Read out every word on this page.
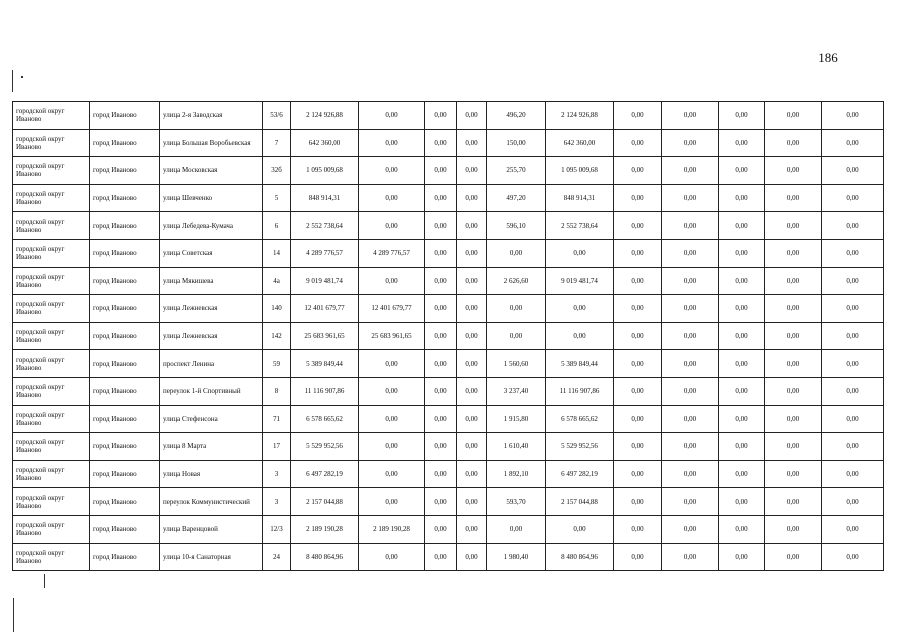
186
городской округ Иваново	город Иваново	улица 2-я Заводская	53/6	2 124 926,88	0,00	0,00	0,00	496,20	2 124 926,88	0,00	0,00	0,00	0,00	0,00
городской округ Иваново	город Иваново	улица Большая Воробьевская	7	642 360,00	0,00	0,00	0,00	150,00	642 360,00	0,00	0,00	0,00	0,00	0,00
городской округ Иваново	город Иваново	улица Московская	32б	1 095 009,68	0,00	0,00	0,00	255,70	1 095 009,68	0,00	0,00	0,00	0,00	0,00
городской округ Иваново	город Иваново	улица Шевченко	5	848 914,31	0,00	0,00	0,00	497,20	848 914,31	0,00	0,00	0,00	0,00	0,00
городской округ Иваново	город Иваново	улица Лебедева-Кумача	6	2 552 738,64	0,00	0,00	0,00	596,10	2 552 738,64	0,00	0,00	0,00	0,00	0,00
городской округ Иваново	город Иваново	улица Советская	14	4 289 776,57	4 289 776,57	0,00	0,00	0,00	0,00	0,00	0,00	0,00	0,00	0,00
городской округ Иваново	город Иваново	улица Мякишева	4а	9 019 481,74	0,00	0,00	0,00	2 626,60	9 019 481,74	0,00	0,00	0,00	0,00	0,00
городской округ Иваново	город Иваново	улица Лежневская	140	12 401 679,77	12 401 679,77	0,00	0,00	0,00	0,00	0,00	0,00	0,00	0,00	0,00
городской округ Иваново	город Иваново	улица Лежневская	142	25 683 961,65	25 683 961,65	0,00	0,00	0,00	0,00	0,00	0,00	0,00	0,00	0,00
городской округ Иваново	город Иваново	проспект Ленина	59	5 389 849,44	0,00	0,00	0,00	1 560,60	5 389 849,44	0,00	0,00	0,00	0,00	0,00
городской округ Иваново	город Иваново	переулок 1-й Спортивный	8	11 116 907,86	0,00	0,00	0,00	3 237,40	11 116 907,86	0,00	0,00	0,00	0,00	0,00
городской округ Иваново	город Иваново	улица Стефенсона	71	6 578 665,62	0,00	0,00	0,00	1 915,80	6 578 665,62	0,00	0,00	0,00	0,00	0,00
городской округ Иваново	город Иваново	улица 8 Марта	17	5 529 952,56	0,00	0,00	0,00	1 610,40	5 529 952,56	0,00	0,00	0,00	0,00	0,00
городской округ Иваново	город Иваново	улица Новая	3	6 497 282,19	0,00	0,00	0,00	1 892,10	6 497 282,19	0,00	0,00	0,00	0,00	0,00
городской округ Иваново	город Иваново	переулок Коммунистический	3	2 157 044,88	0,00	0,00	0,00	593,70	2 157 044,88	0,00	0,00	0,00	0,00	0,00
городской округ Иваново	город Иваново	улица Варенцовой	12/3	2 189 190,28	2 189 190,28	0,00	0,00	0,00	0,00	0,00	0,00	0,00	0,00	0,00
городской округ Иваново	город Иваново	улица 10-я Санаторная	24	8 480 864,96	0,00	0,00	0,00	1 980,40	8 480 864,96	0,00	0,00	0,00	0,00	0,00
